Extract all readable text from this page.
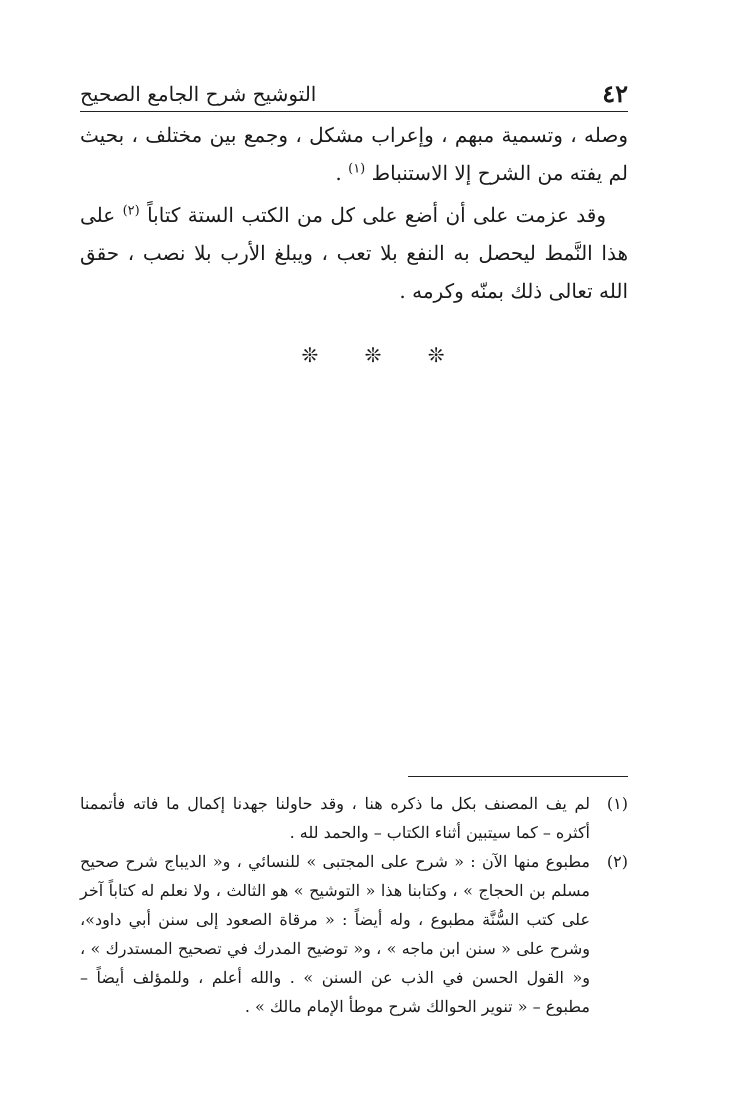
٤٢
التوشيح شرح الجامع الصحيح

وصله ، وتسمية مبهم ، وإعراب مشكل ، وجمع بين مختلف ، بحيث لم يفته من الشرح إلا الاستنباط $^{(١)}$ .

وقد عزمت على أن أضع على كل من الكتب الستة كتاباً $^{(٢)}$ على هذا النَّمط ليحصل به النفع بلا تعب ، ويبلغ الأرب بلا نصب ، حقق الله تعالى ذلك بمنّه وكرمه .

❊ ❊ ❊
(١)
لم يف المصنف بكل ما ذكره هنا ، وقد حاولنا جهدنا إكمال ما فاته فأتممنا أكثره – كما سيتبين أثناء الكتاب – والحمد لله .
(٢)
مطبوع منها الآن : « شرح على المجتبى » للنسائي ، و« الديباج شرح صحيح مسلم بن الحجاج » ، وكتابنا هذا « التوشيح » هو الثالث ، ولا نعلم له كتاباً آخر على كتب السُّنَّة مطبوع ، وله أيضاً : « مرقاة الصعود إلى سنن أبي داود»، وشرح على « سنن ابن ماجه » ، و« توضيح المدرك في تصحيح المستدرك » ، و« القول الحسن في الذب عن السنن » . والله أعلم ، وللمؤلف أيضاً – مطبوع – « تنوير الحوالك شرح موطأ الإمام مالك » .
